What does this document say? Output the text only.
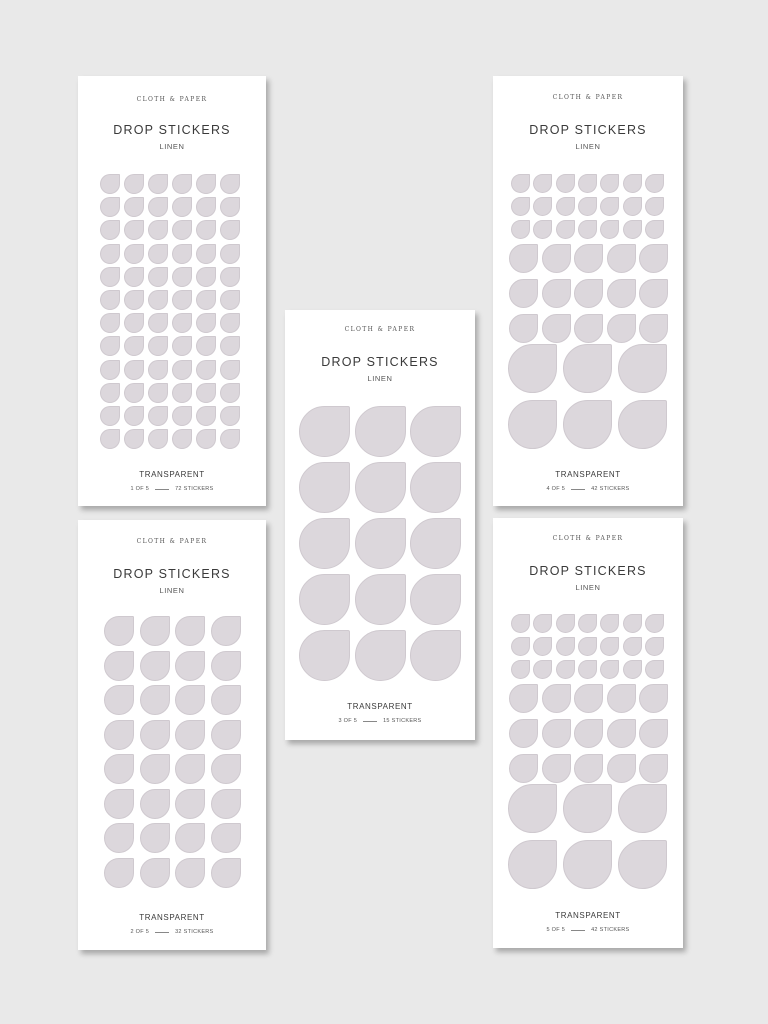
CLOTH & PAPER
DROP STICKERS
LINEN
TRANSPARENT
1 OF 5	72 STICKERS
CLOTH & PAPER
DROP STICKERS
LINEN
TRANSPARENT
2 OF 5	32 STICKERS
CLOTH & PAPER
DROP STICKERS
LINEN
TRANSPARENT
3 OF 5	15 STICKERS
CLOTH & PAPER
DROP STICKERS
LINEN
TRANSPARENT
4 OF 5	42 STICKERS
CLOTH & PAPER
DROP STICKERS
LINEN
TRANSPARENT
5 OF 5	42 STICKERS
